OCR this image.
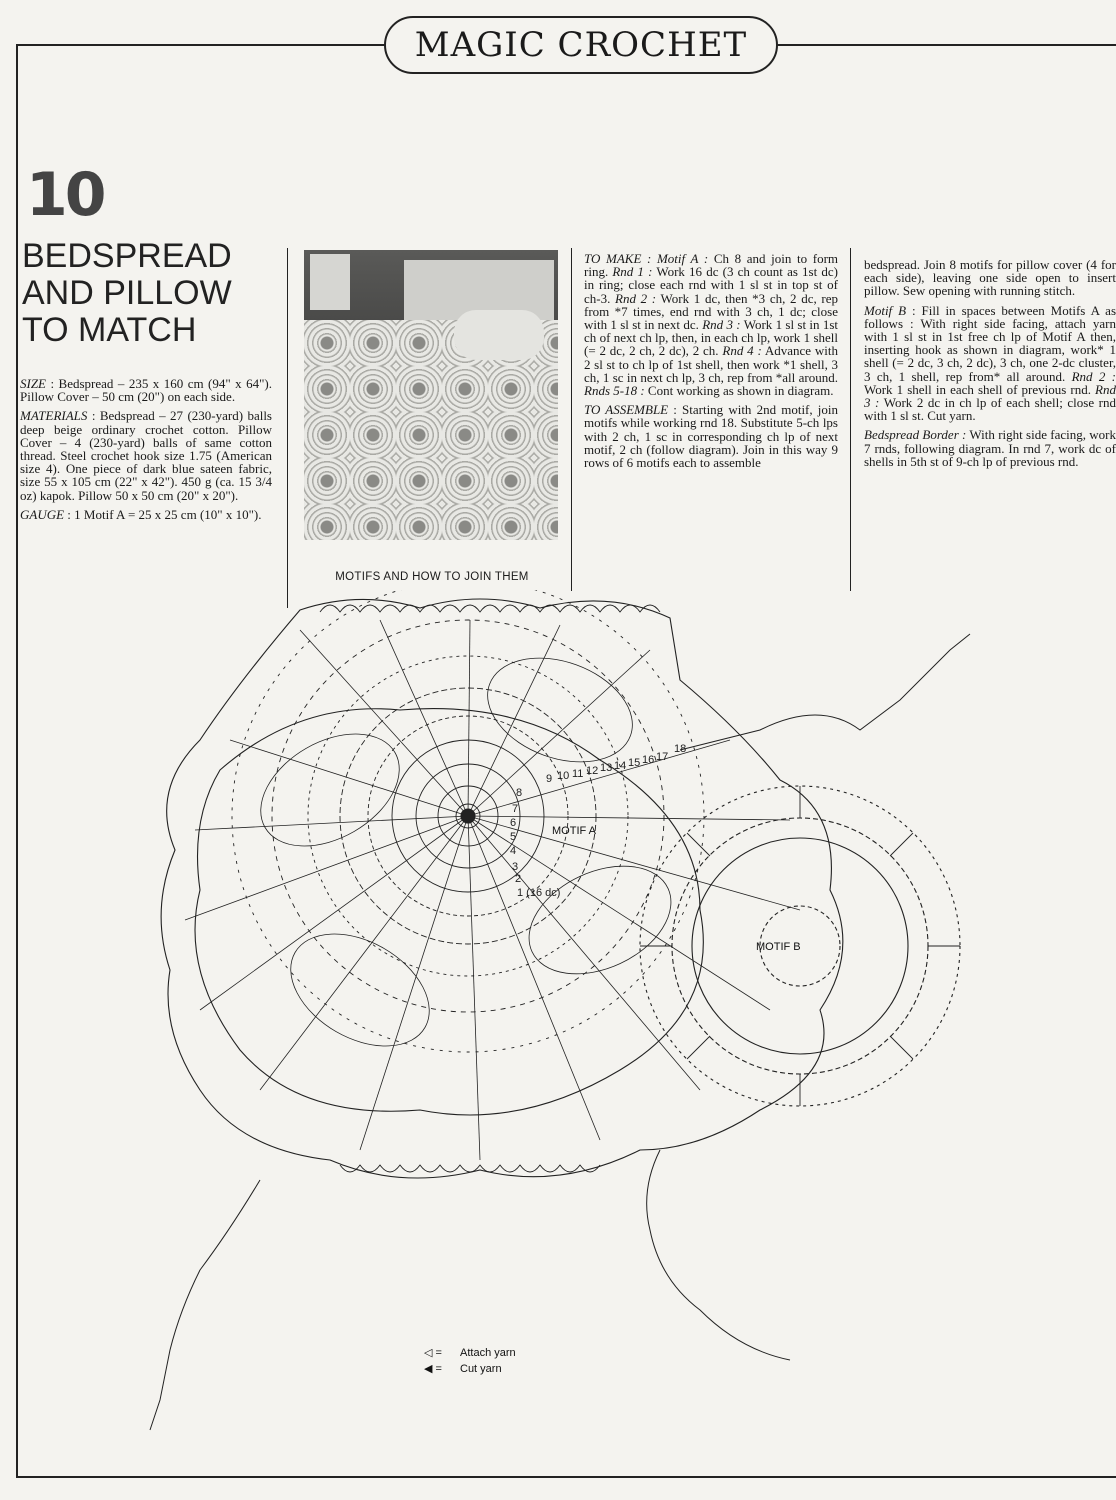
MAGIC CROCHET
10
BEDSPREAD
AND PILLOW
TO MATCH

SIZE : Bedspread – 235 x 160 cm (94" x 64"). Pillow Cover – 50 cm (20") on each side.

MATERIALS : Bedspread – 27 (230-yard) balls deep beige ordinary crochet cotton. Pillow Cover – 4 (230-yard) balls of same cotton thread. Steel crochet hook size 1.75 (American size 4). One piece of dark blue sateen fabric, size 55 x 105 cm (22" x 42"). 450 g (ca. 15 3/4 oz) kapok. Pillow 50 x 50 cm (20" x 20").

GAUGE : 1 Motif A = 25 x 25 cm (10" x 10").

MOTIFS AND HOW TO JOIN THEM

TO MAKE : Motif A : Ch 8 and join to form ring. Rnd 1 : Work 16 dc (3 ch count as 1st dc) in ring; close each rnd with 1 sl st in top st of ch-3. Rnd 2 : Work 1 dc, then *3 ch, 2 dc, rep from *7 times, end rnd with 3 ch, 1 dc; close with 1 sl st in next dc. Rnd 3 : Work 1 sl st in 1st ch of next ch lp, then, in each ch lp, work 1 shell (= 2 dc, 2 ch, 2 dc), 2 ch. Rnd 4 : Advance with 2 sl st to ch lp of 1st shell, then work *1 shell, 3 ch, 1 sc in next ch lp, 3 ch, rep from *all around. Rnds 5-18 : Cont working as shown in diagram.

TO ASSEMBLE : Starting with 2nd motif, join motifs while working rnd 18. Substitute 5-ch lps with 2 ch, 1 sc in corresponding ch lp of next motif, 2 ch (follow diagram). Join in this way 9 rows of 6 motifs each to assemble

bedspread. Join 8 motifs for pillow cover (4 for each side), leaving one side open to insert pillow. Sew opening with running stitch.

Motif B : Fill in spaces between Motifs A as follows : With right side facing, attach yarn with 1 sl st in 1st free ch lp of Motif A then, inserting hook as shown in diagram, work* 1 shell (= 2 dc, 3 ch, 2 dc), 3 ch, one 2-dc cluster, 3 ch, 1 shell, rep from* all around. Rnd 2 : Work 1 shell in each shell of previous rnd. Rnd 3 : Work 2 dc in ch lp of each shell; close rnd with 1 sl st. Cut yarn.

Bedspread Border : With right side facing, work 7 rnds, following diagram. In rnd 7, work dc of shells in 5th st of 9-ch lp of previous rnd.

MOTIF A
MOTIF B
1 (16 dc)
2
3
4
5
6
7
8
9 10 11 12 13 14 15 16 17
18
◁ = Attach yarn
◀ = Cut yarn
